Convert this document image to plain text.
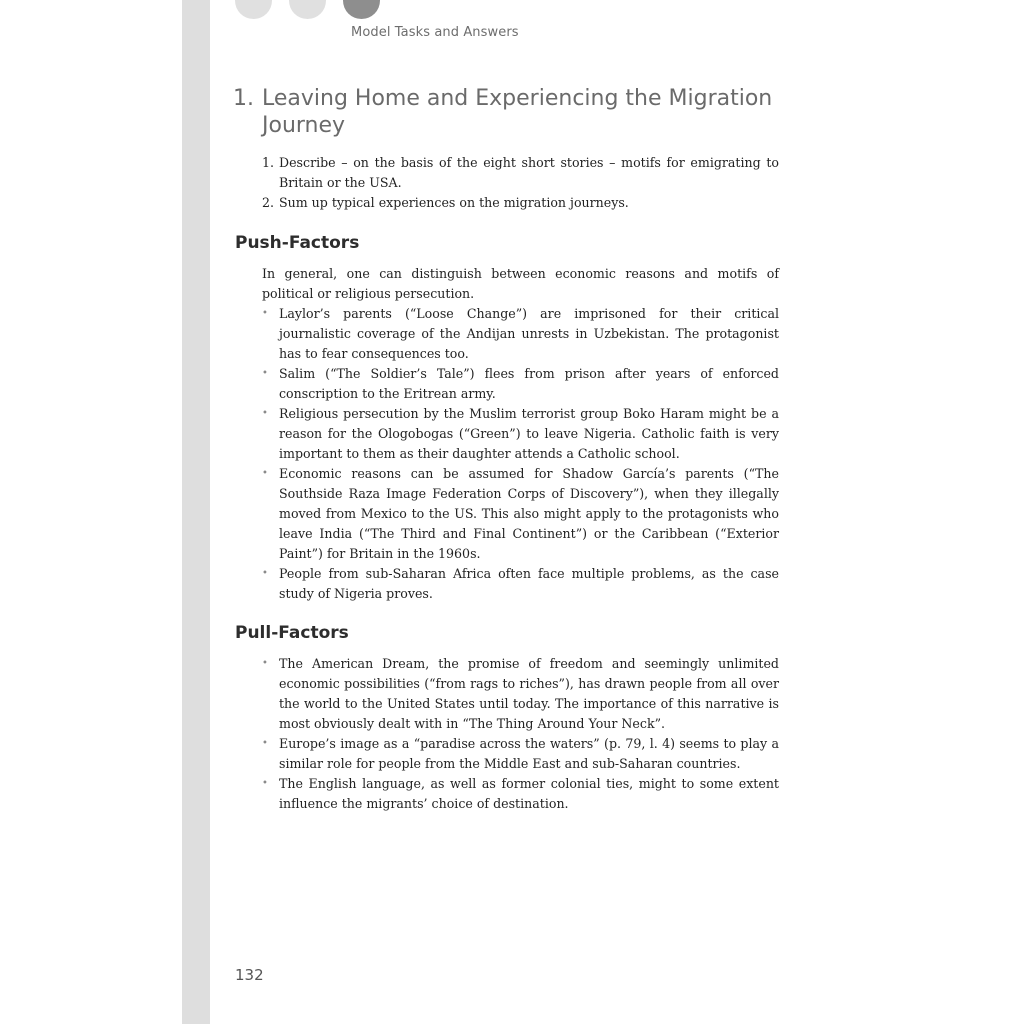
Model Tasks and Answers
1. Leaving Home and Experiencing the Migration Journey
1. Describe – on the basis of the eight short stories – motifs for emigrating to Britain or the USA.
2. Sum up typical experiences on the migration journeys.
Push-Factors

In general, one can distinguish between economic reasons and motifs of political or religious persecution.

• Laylor’s parents (“Loose Change”) are imprisoned for their critical journalistic coverage of the Andijan unrests in Uzbekistan. The protagonist has to fear consequences too.
• Salim (“The Soldier’s Tale”) flees from prison after years of enforced conscription to the Eritrean army.
• Religious persecution by the Muslim terrorist group Boko Haram might be a reason for the Ologobogas (“Green”) to leave Nigeria. Catholic faith is very important to them as their daughter attends a Catholic school.
• Economic reasons can be assumed for Shadow García’s parents (“The Southside Raza Image Federation Corps of Discovery”), when they illegally moved from Mexico to the US. This also might apply to the protagonists who leave India (“The Third and Final Continent”) or the Caribbean (“Exterior Paint”) for Britain in the 1960s.
• People from sub-Saharan Africa often face multiple problems, as the case study of Nigeria proves.
Pull-Factors
• The American Dream, the promise of freedom and seemingly unlimited economic possibilities (“from rags to riches”), has drawn people from all over the world to the United States until today. The importance of this narrative is most obviously dealt with in “The Thing Around Your Neck”.
• Europe’s image as a “paradise across the waters” (p. 79, l. 4) seems to play a similar role for people from the Middle East and sub-Saharan countries.
• The English language, as well as former colonial ties, might to some extent influence the migrants’ choice of destination.
132
